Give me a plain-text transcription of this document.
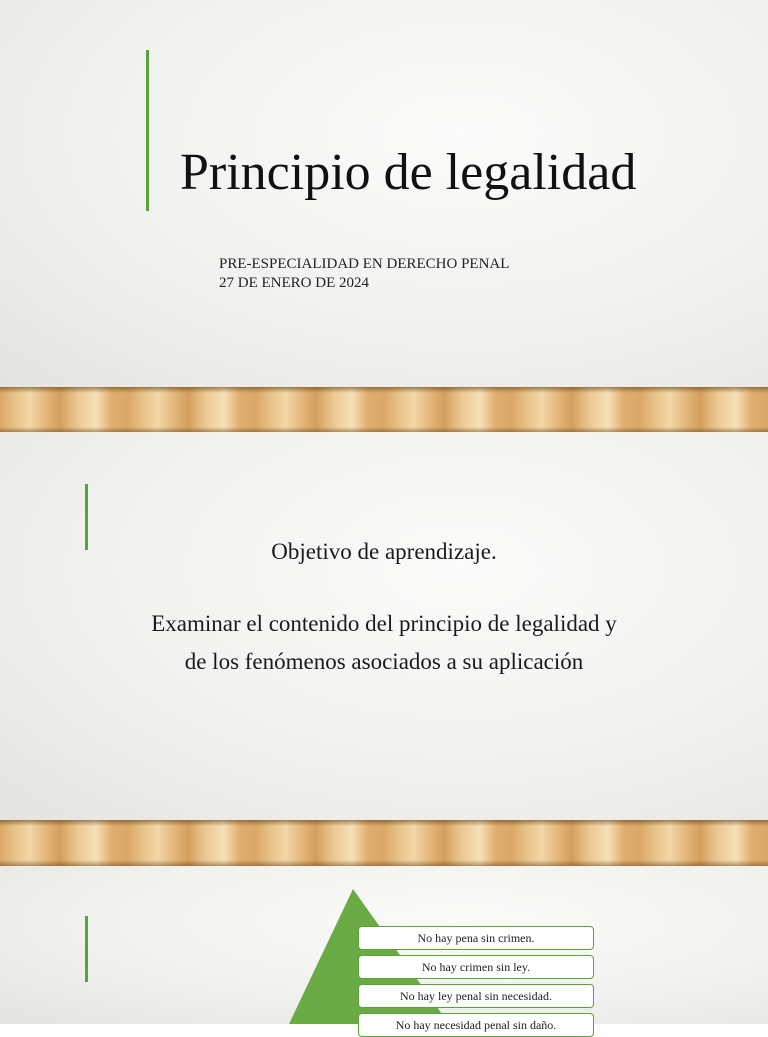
Principio de legalidad
PRE-ESPECIALIDAD EN DERECHO PENAL
27 DE ENERO DE 2024

Objetivo de aprendizaje.

Examinar el contenido del principio de legalidad y
de los fenómenos asociados a su aplicación

No hay pena sin crimen.
No hay crimen sin ley.
No hay ley penal sin necesidad.
No hay necesidad penal sin daño.
